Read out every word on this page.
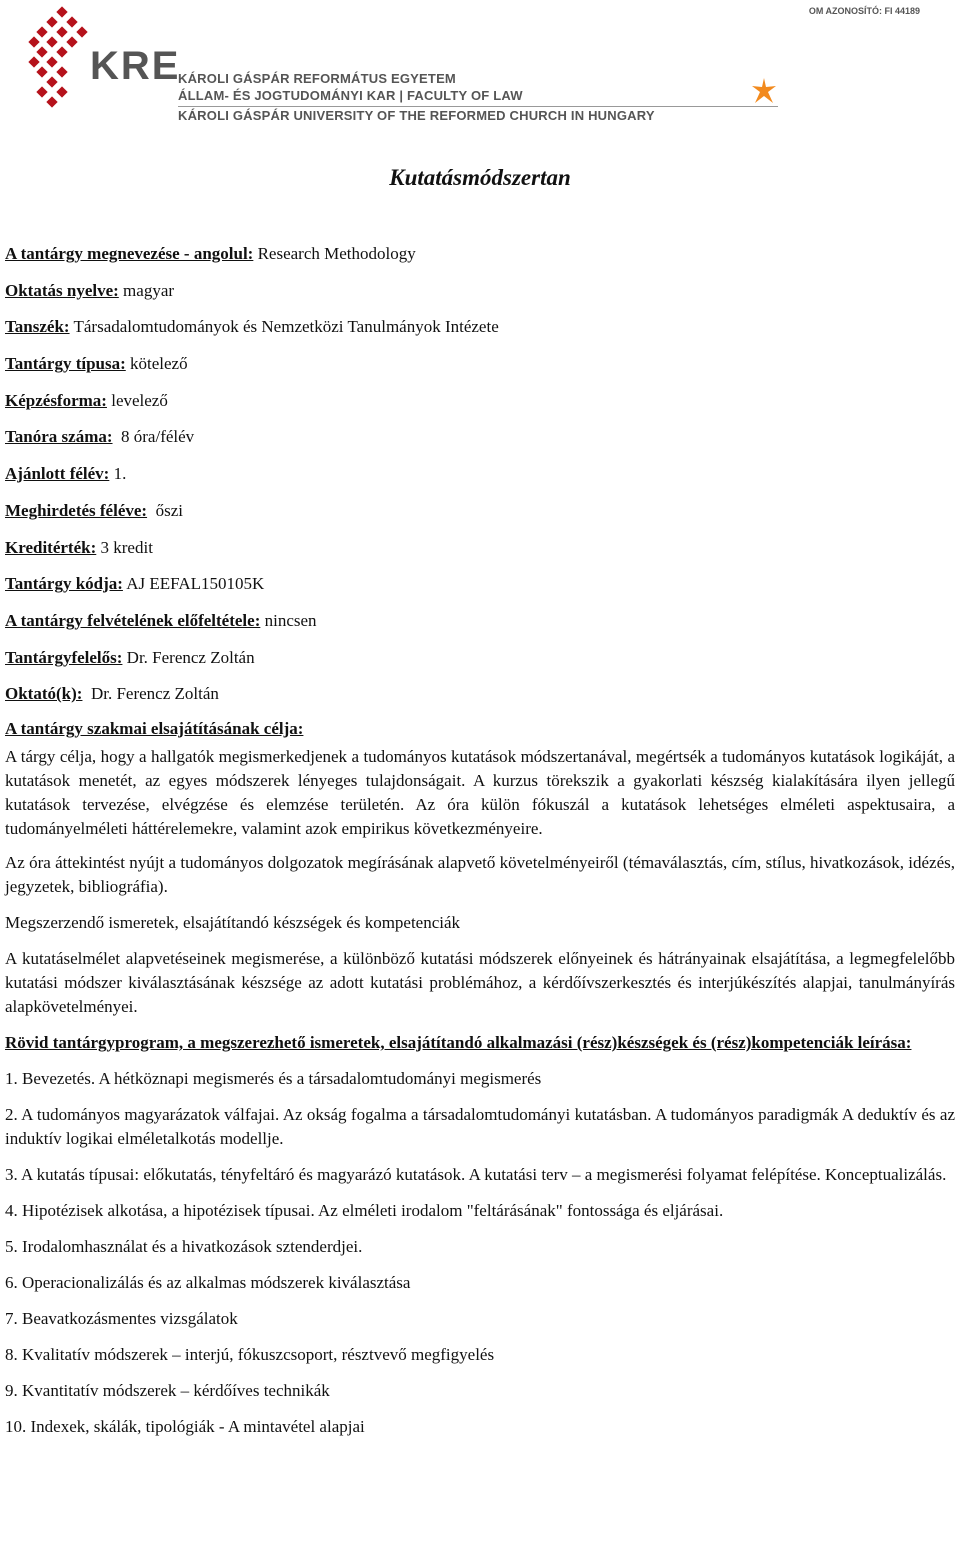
KRE
OM AZONOSÍTÓ: FI 44189
KÁROLI GÁSPÁR REFORMÁTUS EGYETEM
ÁLLAM- ÉS JOGTUDOMÁNYI KAR | FACULTY OF LAW
KÁROLI GÁSPÁR UNIVERSITY OF THE REFORMED CHURCH IN HUNGARY
Kutatásmódszertan
A tantárgy megnevezése - angolul: Research Methodology
Oktatás nyelve: magyar
Tanszék: Társadalomtudományok és Nemzetközi Tanulmányok Intézete
Tantárgy típusa: kötelező
Képzésforma: levelező
Tanóra száma:  8 óra/félév
Ajánlott félév: 1.
Meghirdetés féléve:  őszi
Kreditérték: 3 kredit
Tantárgy kódja: AJ EEFAL150105K
A tantárgy felvételének előfeltétele: nincsen
Tantárgyfelelős: Dr. Ferencz Zoltán
Oktató(k):  Dr. Ferencz Zoltán
A tantárgy szakmai elsajátításának célja:

A tárgy célja, hogy a hallgatók megismerkedjenek a tudományos kutatások módszertanával, megértsék a tudományos kutatások logikáját, a kutatások menetét, az egyes módszerek lényeges tulajdonságait. A kurzus törekszik a gyakorlati készség kialakítására ilyen jellegű kutatások tervezése, elvégzése és elemzése területén. Az óra külön fókuszál a kutatások lehetséges elméleti aspektusaira, a tudományelméleti háttérelemekre, valamint azok empirikus következményeire.

Az óra áttekintést nyújt a tudományos dolgozatok megírásának alapvető követelményeiről (témaválasztás, cím, stílus, hivatkozások, idézés, jegyzetek, bibliográfia).

Megszerzendő ismeretek, elsajátítandó készségek és kompetenciák

A kutatáselmélet alapvetéseinek megismerése, a különböző kutatási módszerek előnyeinek és hátrányainak elsajátítása, a legmegfelelőbb kutatási módszer kiválasztásának készsége az adott kutatási problémához, a kérdőívszerkesztés és interjúkészítés alapjai, tanulmányírás alapkövetelményei.

Rövid tantárgyprogram, a megszerezhető ismeretek, elsajátítandó alkalmazási (rész)készségek és (rész)kompetenciák leírása:

1. Bevezetés. A hétköznapi megismerés és a társadalomtudományi megismerés

2. A tudományos magyarázatok válfajai. Az okság fogalma a társadalomtudományi kutatásban. A tudományos paradigmák A deduktív és az induktív logikai elméletalkotás modellje.

3. A kutatás típusai: előkutatás, tényfeltáró és magyarázó kutatások. A kutatási terv – a megismerési folyamat felépítése. Konceptualizálás.

4. Hipotézisek alkotása, a hipotézisek típusai. Az elméleti irodalom "feltárásának" fontossága és eljárásai.

5. Irodalomhasználat és a hivatkozások sztenderdjei.

6. Operacionalizálás és az alkalmas módszerek kiválasztása

7. Beavatkozásmentes vizsgálatok

8. Kvalitatív módszerek – interjú, fókuszcsoport, résztvevő megfigyelés

9. Kvantitatív módszerek – kérdőíves technikák

10. Indexek, skálák, tipológiák - A mintavétel alapjai
